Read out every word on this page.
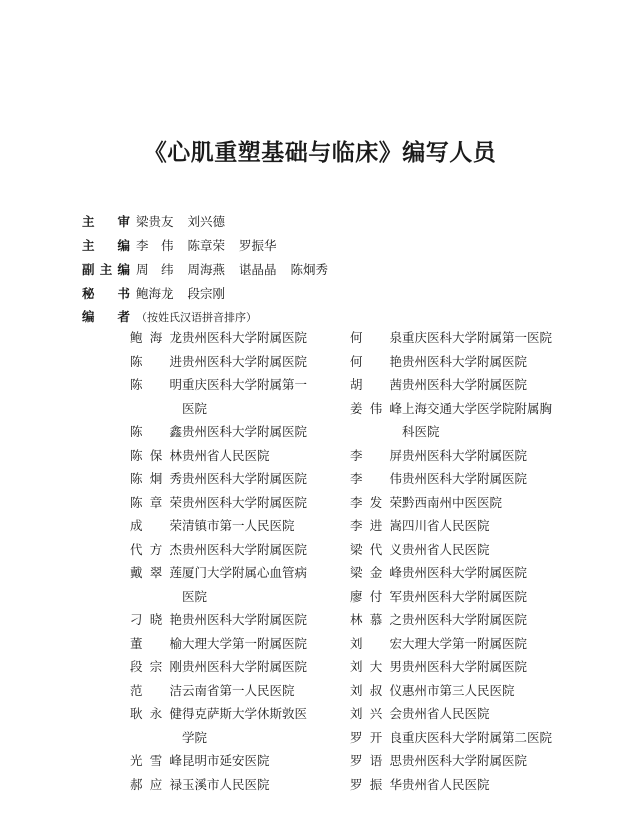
《心肌重塑基础与临床》编写人员
主　审 梁贵友 刘兴德
主　编 李　伟 陈章荣 罗振华
副主编 周　纬 周海燕 谌晶晶 陈炯秀
秘　书 鲍海龙 段宗刚
编　者 （按姓氏汉语拼音排序）
鲍海龙 贵州医科大学附属医院
陈　进 贵州医科大学附属医院
陈　明 重庆医科大学附属第一医院
陈　鑫 贵州医科大学附属医院
陈保林 贵州省人民医院
陈炯秀 贵州医科大学附属医院
陈章荣 贵州医科大学附属医院
成　荣 清镇市第一人民医院
代方杰 贵州医科大学附属医院
戴翠莲 厦门大学附属心血管病医院
刁晓艳 贵州医科大学附属医院
董　榆 大理大学第一附属医院
段宗刚 贵州医科大学附属医院
范　洁 云南省第一人民医院
耿永健 得克萨斯大学休斯敦医学院
光雪峰 昆明市延安医院
郝应禄 玉溪市人民医院
何　泉 重庆医科大学附属第一医院
何　艳 贵州医科大学附属医院
胡　茜 贵州医科大学附属医院
姜伟峰 上海交通大学医学院附属胸科医院
李　屏 贵州医科大学附属医院
李　伟 贵州医科大学附属医院
李发荣 黔西南州中医医院
李进嵩 四川省人民医院
梁代义 贵州省人民医院
梁金峰 贵州医科大学附属医院
廖付军 贵州医科大学附属医院
林慕之 贵州医科大学附属医院
刘　宏 大理大学第一附属医院
刘大男 贵州医科大学附属医院
刘叔仪 惠州市第三人民医院
刘兴会 贵州省人民医院
罗开良 重庆医科大学附属第二医院
罗语思 贵州医科大学附属医院
罗振华 贵州省人民医院
